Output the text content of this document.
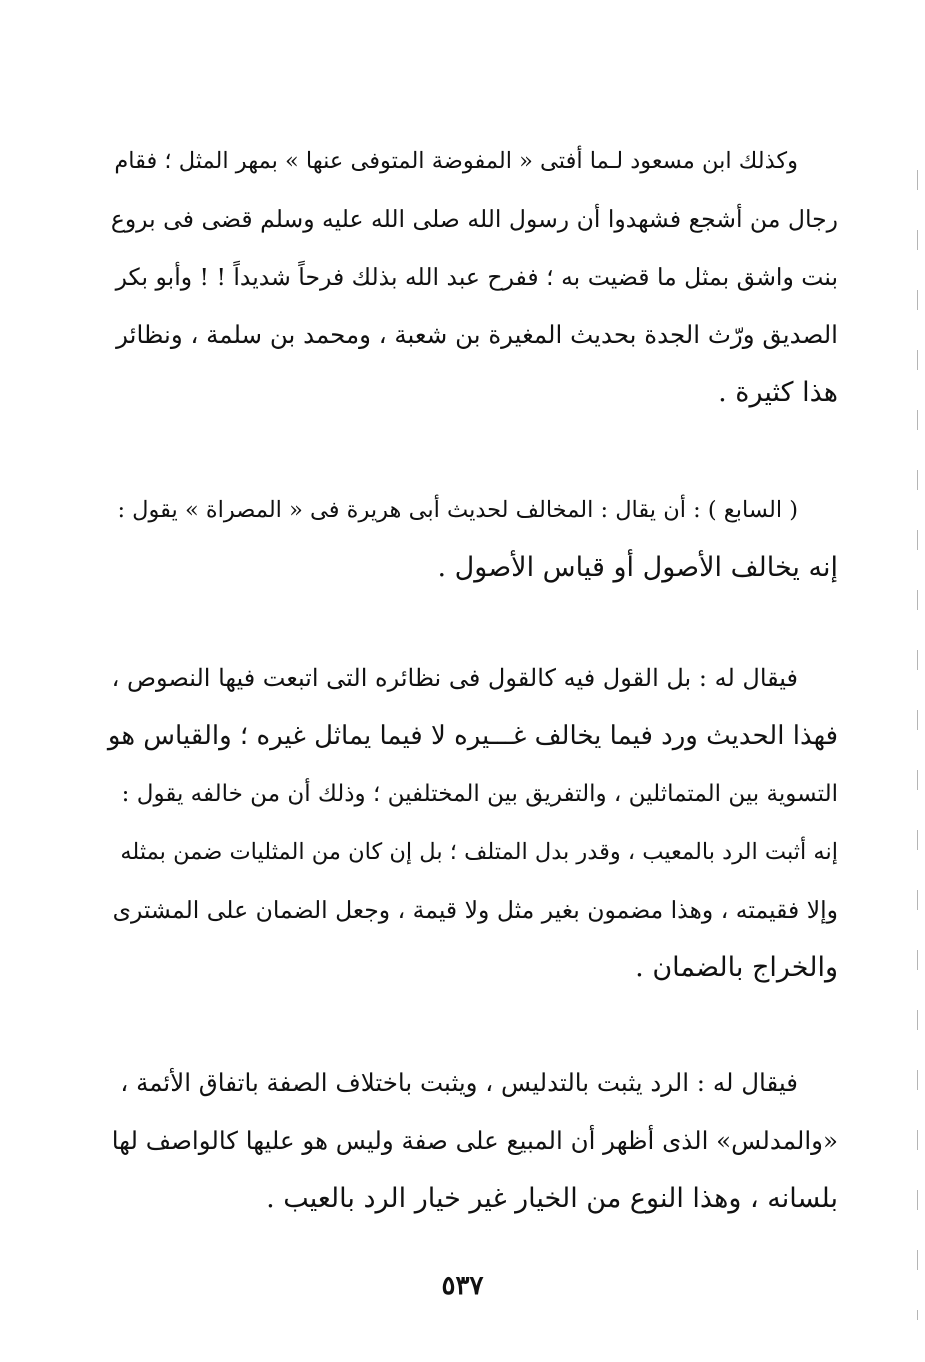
وكذلك ابن مسعود لـما أفتى « المفوضة المتوفى عنها » بمهر المثل ؛ فقام
رجال من أشجع فشهدوا أن رسول الله صلى الله عليه وسلم قضى فى بروع
بنت واشق بمثل ما قضيت به ؛ ففرح عبد الله بذلك فرحاً شديداً ! ! وأبو بكر
الصديق ورّث الجدة بحديث المغيرة بن شعبة ، ومحمد بن سلمة ، ونظائر
هذا كثيرة .
( السابع ) : أن يقال : المخالف لحديث أبى هريرة فى « المصراة » يقول :
إنه يخالف الأصول أو قياس الأصول .
فيقال له : بل القول فيه كالقول فى نظائره التى اتبعت فيها النصوص ،
فهذا الحديث ورد فيما يخالف غـــيره لا فيما يماثل غيره ؛ والقياس هو
التسوية بين المتماثلين ، والتفريق بين المختلفين ؛ وذلك أن من خالفه يقول :
إنه أثبت الرد بالمعيب ، وقدر بدل المتلف ؛ بل إن كان من المثليات ضمن بمثله
وإلا فقيمته ، وهذا مضمون بغير مثل ولا قيمة ، وجعل الضمان على المشترى
والخراج بالضمان .
فيقال له : الرد يثبت بالتدليس ، ويثبت باختلاف الصفة باتفاق الأئمة ،
«والمدلس» الذى أظهر أن المبيع على صفة وليس هو عليها كالواصف لها
بلسانه ، وهذا النوع من الخيار غير خيار الرد بالعيب .
٥٣٧
